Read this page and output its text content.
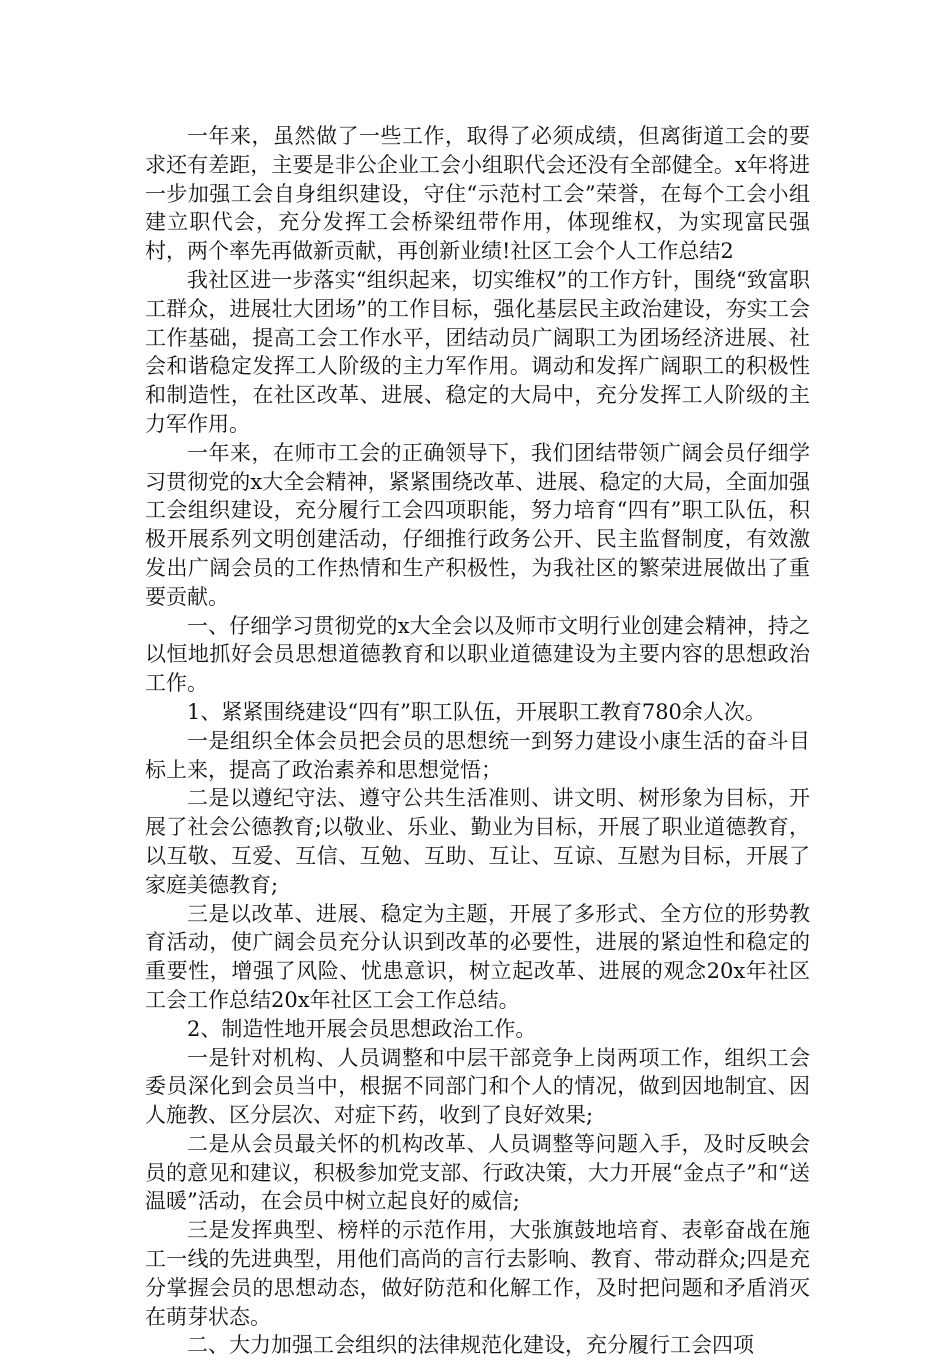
一年来，虽然做了一些工作，取得了必须成绩，但离街道工会的要求还有差距，主要是非公企业工会小组职代会还没有全部健全。x年将进一步加强工会自身组织建设，守住“示范村工会”荣誉，在每个工会小组建立职代会，充分发挥工会桥梁纽带作用，体现维权，为实现富民强村，两个率先再做新贡献，再创新业绩!社区工会个人工作总结2

我社区进一步落实“组织起来，切实维权”的工作方针，围绕“致富职工群众，进展壮大团场”的工作目标，强化基层民主政治建设，夯实工会工作基础，提高工会工作水平，团结动员广阔职工为团场经济进展、社会和谐稳定发挥工人阶级的主力军作用。调动和发挥广阔职工的积极性和制造性，在社区改革、进展、稳定的大局中，充分发挥工人阶级的主力军作用。

一年来，在师市工会的正确领导下，我们团结带领广阔会员仔细学习贯彻党的x大全会精神，紧紧围绕改革、进展、稳定的大局，全面加强工会组织建设，充分履行工会四项职能，努力培育“四有”职工队伍，积极开展系列文明创建活动，仔细推行政务公开、民主监督制度，有效激发出广阔会员的工作热情和生产积极性，为我社区的繁荣进展做出了重要贡献。

一、仔细学习贯彻党的x大全会以及师市文明行业创建会精神，持之以恒地抓好会员思想道德教育和以职业道德建设为主要内容的思想政治工作。

1、紧紧围绕建设“四有”职工队伍，开展职工教育780余人次。

一是组织全体会员把会员的思想统一到努力建设小康生活的奋斗目标上来，提高了政治素养和思想觉悟；

二是以遵纪守法、遵守公共生活准则、讲文明、树形象为目标，开展了社会公德教育;以敬业、乐业、勤业为目标，开展了职业道德教育，以互敬、互爱、互信、互勉、互助、互让、互谅、互慰为目标，开展了家庭美德教育;

三是以改革、进展、稳定为主题，开展了多形式、全方位的形势教育活动，使广阔会员充分认识到改革的必要性，进展的紧迫性和稳定的重要性，增强了风险、忧患意识，树立起改革、进展的观念20x年社区工会工作总结20x年社区工会工作总结。

2、制造性地开展会员思想政治工作。

一是针对机构、人员调整和中层干部竞争上岗两项工作，组织工会委员深化到会员当中，根据不同部门和个人的情况，做到因地制宜、因人施教、区分层次、对症下药，收到了良好效果;

二是从会员最关怀的机构改革、人员调整等问题入手，及时反映会员的意见和建议，积极参加党支部、行政决策，大力开展“金点子”和“送温暖”活动，在会员中树立起良好的威信;

三是发挥典型、榜样的示范作用，大张旗鼓地培育、表彰奋战在施工一线的先进典型，用他们高尚的言行去影响、教育、带动群众;四是充分掌握会员的思想动态，做好防范和化解工作，及时把问题和矛盾消灭在萌芽状态。

二、大力加强工会组织的法律规范化建设，充分履行工会四项
